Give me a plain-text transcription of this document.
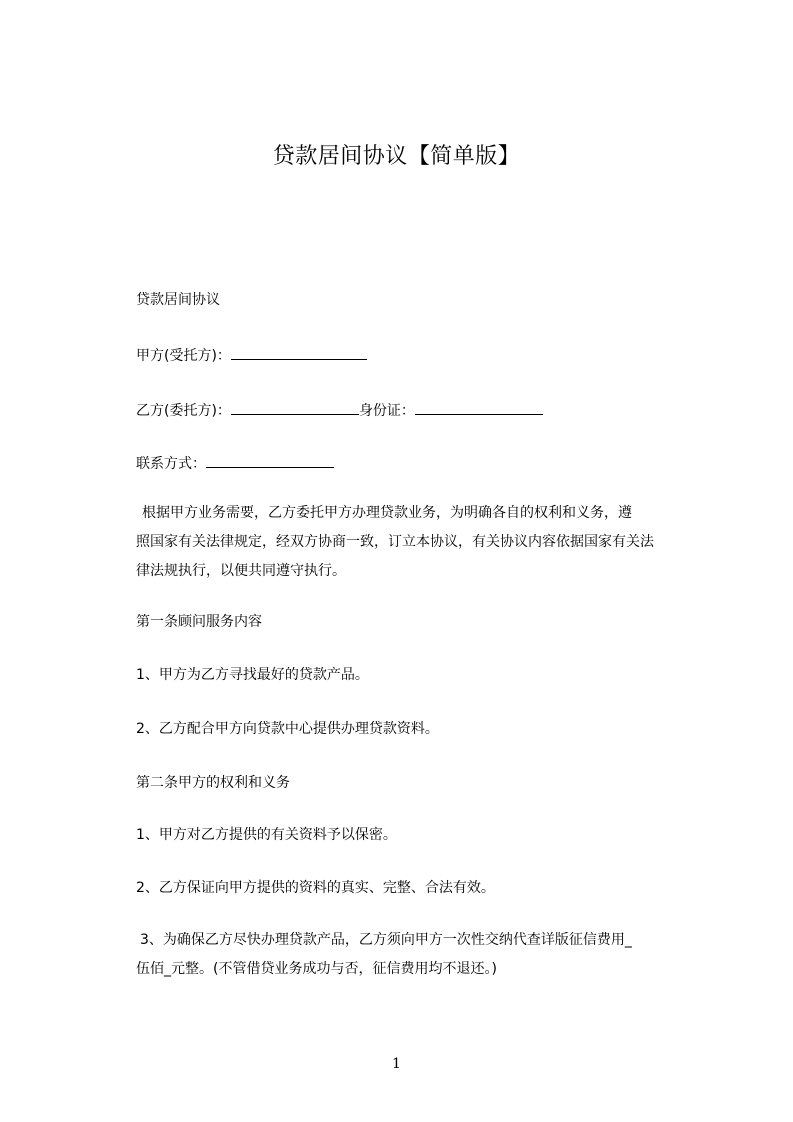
贷款居间协议【简单版】
贷款居间协议
甲方(受托方)：
乙方(委托方)：	身份证：
联系方式：
根据甲方业务需要，乙方委托甲方办理贷款业务，为明确各自的权利和义务，遵
照国家有关法律规定，经双方协商一致，订立本协议，有关协议内容依据国家有关法
律法规执行，以便共同遵守执行。
第一条顾问服务内容
1、甲方为乙方寻找最好的贷款产品。
2、乙方配合甲方向贷款中心提供办理贷款资料。
第二条甲方的权利和义务
1、甲方对乙方提供的有关资料予以保密。
2、乙方保证向甲方提供的资料的真实、完整、合法有效。
3、为确保乙方尽快办理贷款产品，乙方须向甲方一次性交纳代查详版征信费用_
伍佰_元整。(不管借贷业务成功与否，征信费用均不退还。)
1
